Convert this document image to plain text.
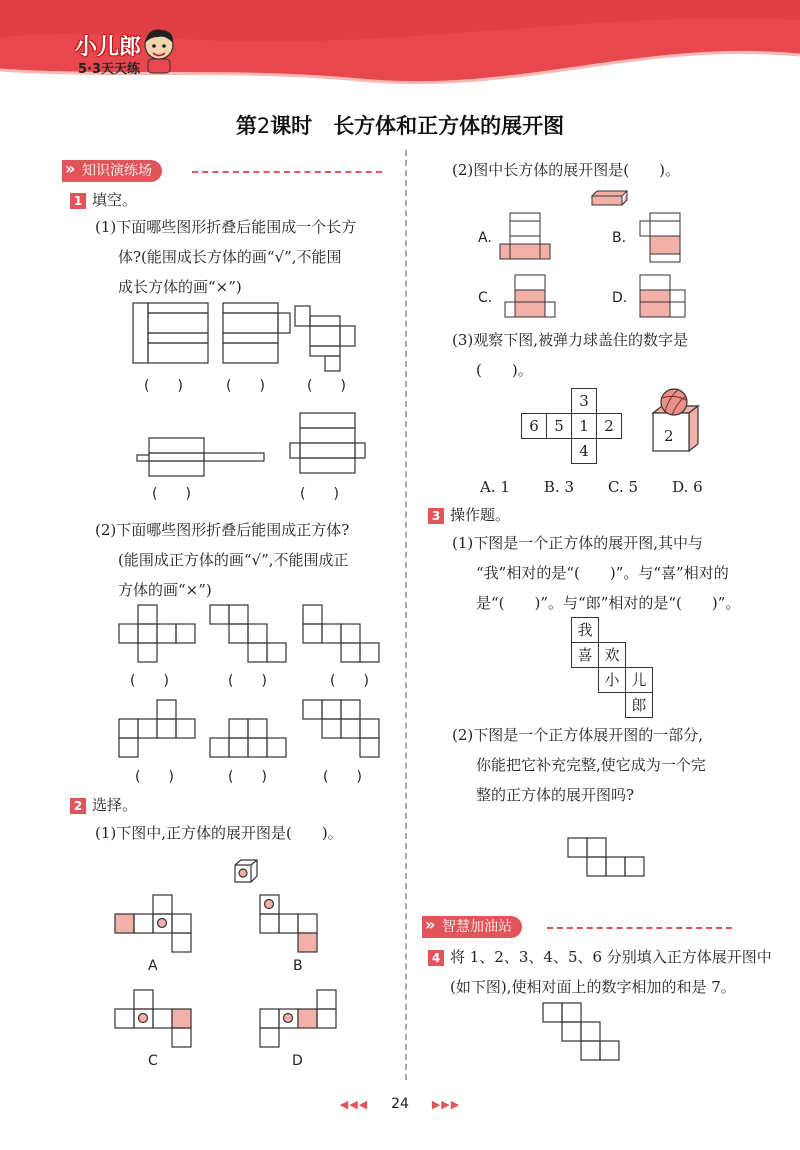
小儿郎
5·3天天练
第2课时　 长方体和正方体的展开图
» 知识演练场
1 填空。
(1)下面哪些图形折叠后能围成一个长方
体?(能围成长方体的画“√”,不能围
成长方体的画“×”)
(　　)	(　　)	(　　)
(　　)	(　　)
(2)下面哪些图形折叠后能围成正方体?
(能围成正方体的画“√”,不能围成正
方体的画“×”)
(　　)	(　　)	(　　)
(　　)	(　　)	(　　)
2 选择。
(1)下图中,正方体的展开图是(　　)。
A	B
C	D
(2)图中长方体的展开图是(　　)。
A.	B.
C.	D.
(3)观察下图,被弹力球盖住的数字是
(　　)。
3
6	5	1	2
4
2
A. 1 B. 3 C. 5 D. 6
3 操作题。
(1)下图是一个正方体的展开图,其中与
“我”相对的是“(　　)”。与“喜”相对的
是“(　　)”。与“郎”相对的是“(　　)”。
我
喜 欢
小 儿
郎
(2)下图是一个正方体展开图的一部分,
你能把它补充完整,使它成为一个完
整的正方体的展开图吗?
» 智慧加油站
4 将 1、2、3、4、5、6 分别填入正方体展开图中
(如下图),使相对面上的数字相加的和是 7。
◀◀◀ 24 ▶▶▶
